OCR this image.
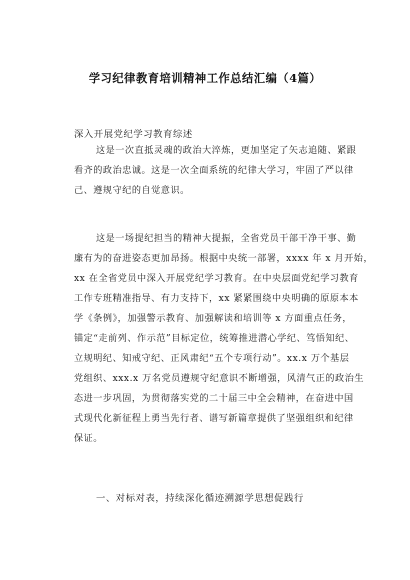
学习纪律教育培训精神工作总结汇编（4篇）
深入开展党纪学习教育综述
这是一次直抵灵魂的政治大淬炼，更加坚定了矢志追随、紧跟
看齐的政治忠诚。这是一次全面系统的纪律大学习，牢固了严以律
己、遵规守纪的自觉意识。
这是一场提纪担当的精神大提振，全省党员干部干净干事、勤
廉有为的奋进姿态更加昂扬。根据中央统一部署，xxxx 年 x 月开始，
xx 在全省党员中深入开展党纪学习教育。在中央层面党纪学习教育
工作专班精准指导、有力支持下，xx 紧紧围绕中央明确的原原本本
学《条例》，加强警示教育、加强解读和培训等 x 方面重点任务，
锚定“走前列、作示范”目标定位，统筹推进潜心学纪、笃悟知纪、
立规明纪、知戒守纪、正风肃纪“五个专项行动”。xx.x 万个基层
党组织、xxx.x 万名党员遵规守纪意识不断增强，风清气正的政治生
态进一步巩固，为贯彻落实党的二十届三中全会精神，在奋进中国
式现代化新征程上勇当先行者、谱写新篇章提供了坚强组织和纪律
保证。
一、对标对表，持续深化循迹溯源学思想促践行
